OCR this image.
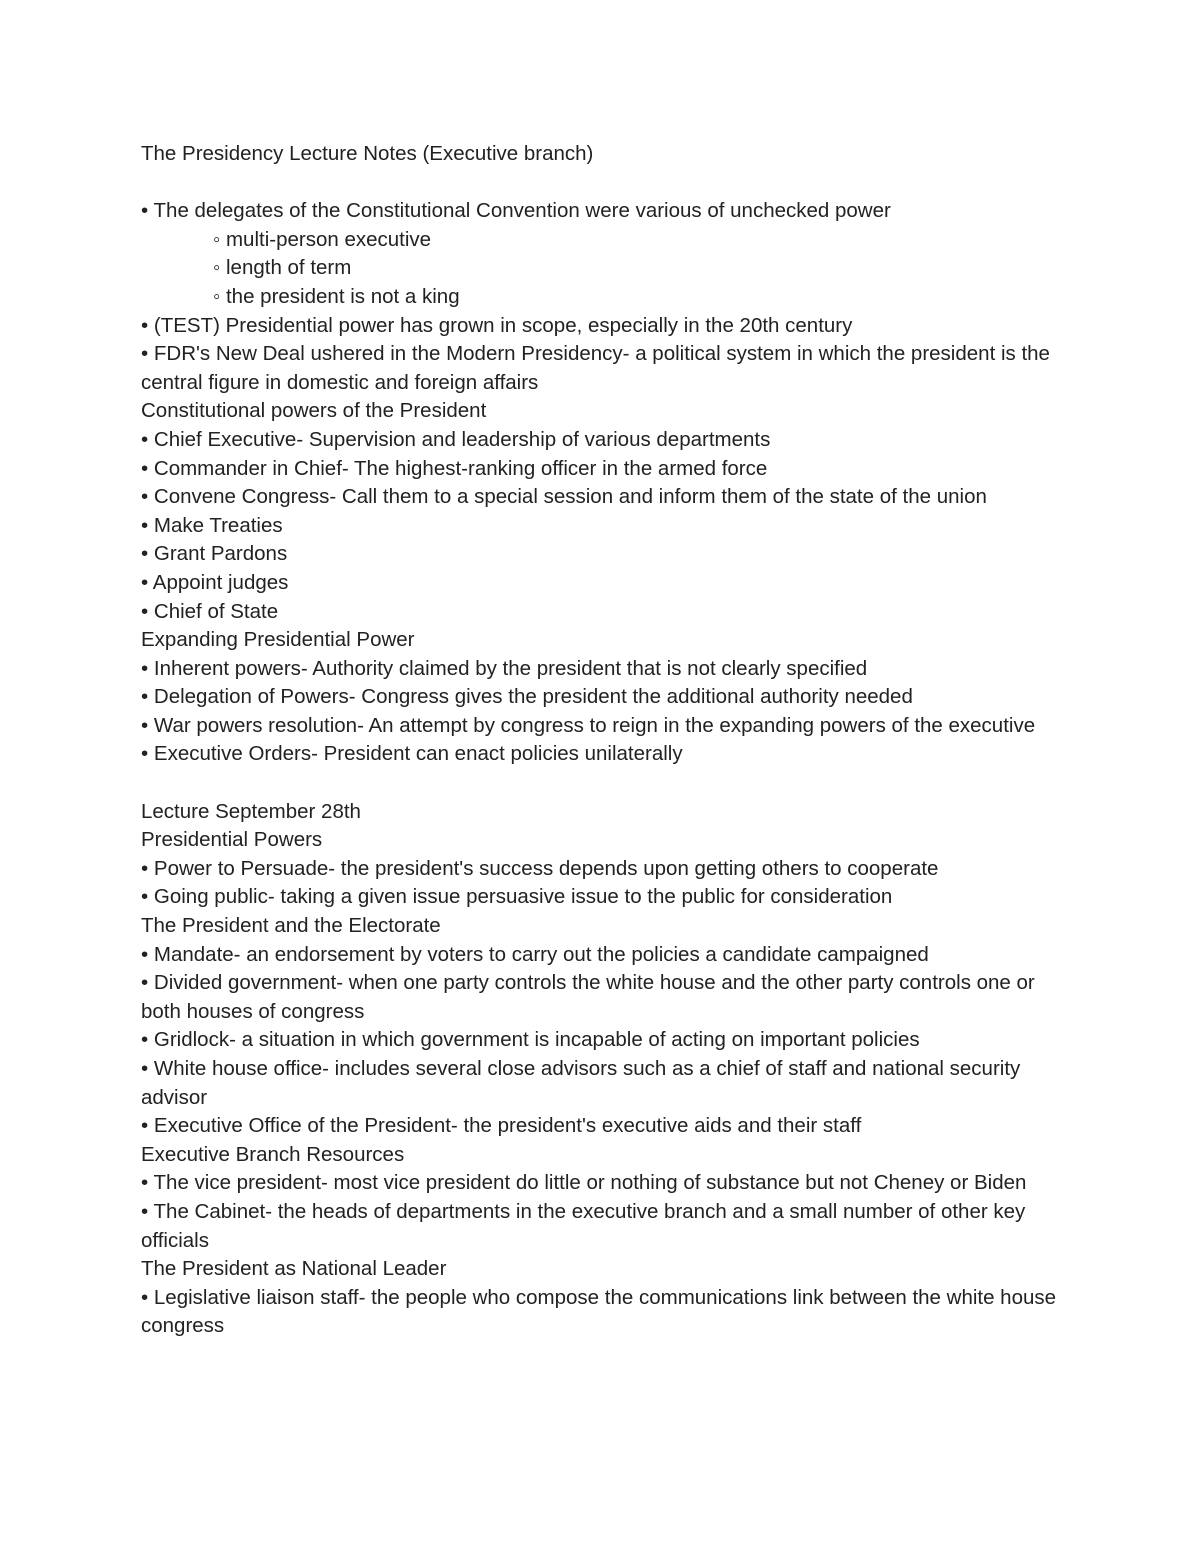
The Presidency Lecture Notes (Executive branch)

• The delegates of the Constitutional Convention were various of unchecked power

◦ multi-person executive

◦ length of term

◦ the president is not a king

• (TEST) Presidential power has grown in scope, especially in the 20th century

• FDR's New Deal ushered in the Modern Presidency- a political system in which the president is the central figure in domestic and foreign affairs

Constitutional powers of the President

• Chief Executive- Supervision and leadership of various departments

• Commander in Chief- The highest-ranking officer in the armed force

• Convene Congress- Call them to a special session and inform them of the state of the union

• Make Treaties

• Grant Pardons

• Appoint judges

• Chief of State

Expanding Presidential Power

• Inherent powers- Authority claimed by the president that is not clearly specified

• Delegation of Powers- Congress gives the president the additional authority needed

• War powers resolution- An attempt by congress to reign in the expanding powers of the executive

• Executive Orders- President can enact policies unilaterally

Lecture September 28th

Presidential Powers

• Power to Persuade- the president's success depends upon getting others to cooperate

• Going public- taking a given issue persuasive issue to the public for consideration

The President and the Electorate

• Mandate- an endorsement by voters to carry out the policies a candidate campaigned

• Divided government- when one party controls the white house and the other party controls one or both houses of congress

• Gridlock- a situation in which government is incapable of acting on important policies

• White house office- includes several close advisors such as a chief of staff and national security advisor

• Executive Office of the President- the president's executive aids and their staff

Executive Branch Resources

• The vice president- most vice president do little or nothing of substance but not Cheney or Biden

• The Cabinet- the heads of departments in the executive branch and a small number of other key officials

The President as National Leader

• Legislative liaison staff- the people who compose the communications link between the white house congress
